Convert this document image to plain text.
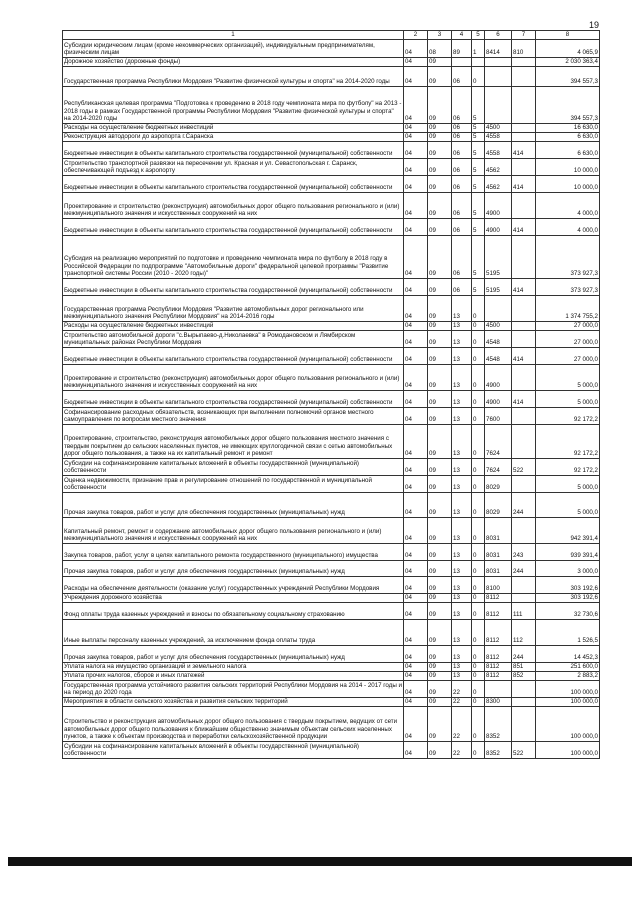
19
1	2	3	4	5	6	7	8
Субсидии юридическим лицам (кроме некоммерческих организаций), индивидуальным предпринимателям, физическим лицам	04	08	89	1	8414	810	4 065,9
Дорожное хозяйство (дорожные фонды)	04	09					2 030 363,4
Государственная программа Республики Мордовия "Развитие физической культуры и спорта" на 2014-2020 годы	04	09	06	0			394 557,3
Республиканская целевая программа "Подготовка к проведению в 2018 году чемпионата мира по футболу" на 2013 - 2018 годы в рамках Государственной программы Республики Мордовия "Развитие физической культуры и спорта" на 2014-2020 годы	04	09	06	5			394 557,3
Расходы на осуществление бюджетных инвестиций	04	09	06	5	4500		16 630,0
Реконструкция автодороги до аэропорта г.Саранска	04	09	06	5	4558		6 630,0
Бюджетные инвестиции в объекты капитального строительства государственной (муниципальной) собственности	04	09	06	5	4558	414	6 630,0
Строительство транспортной развязки на пересечении ул. Красная и ул. Севастопольская г. Саранск, обеспечивающей подъезд к аэропорту	04	09	06	5	4562		10 000,0
Бюджетные инвестиции в объекты капитального строительства государственной (муниципальной) собственности	04	09	06	5	4562	414	10 000,0
Проектирование и строительство (реконструкция) автомобильных дорог общего пользования регионального и (или) межмуниципального значения и искусственных сооружений на них	04	09	06	5	4900		4 000,0
Бюджетные инвестиции в объекты капитального строительства государственной (муниципальной) собственности	04	09	06	5	4900	414	4 000,0
Субсидия на реализацию мероприятий по подготовке и проведению чемпионата мира по футболу в 2018 году в Российской Федерации по подпрограмме "Автомобильные дороги" федеральной целевой программы "Развитие транспортной системы России (2010 - 2020 годы)"	04	09	06	5	5195		373 927,3
Бюджетные инвестиции в объекты капитального строительства государственной (муниципальной) собственности	04	09	06	5	5195	414	373 927,3
Государственная программа Республики Мордовия "Развитие автомобильных дорог регионального или межмуниципального значения Республики Мордовия" на 2014-2016 годы	04	09	13	0			1 374 755,2
Расходы на осуществление бюджетных инвестиций	04	09	13	0	4500		27 000,0
Строительство автомобильной дороги "с.Вырыпаево-д.Николаевка" в Ромодановском и Лямбирском муниципальных районах Республики Мордовия	04	09	13	0	4548		27 000,0
Бюджетные инвестиции в объекты капитального строительства государственной (муниципальной) собственности	04	09	13	0	4548	414	27 000,0
Проектирование и строительство (реконструкция) автомобильных дорог общего пользования регионального и (или) межмуниципального значения и искусственных сооружений на них	04	09	13	0	4900		5 000,0
Бюджетные инвестиции в объекты капитального строительства государственной (муниципальной) собственности	04	09	13	0	4900	414	5 000,0
Софинансирование расходных обязательств, возникающих при выполнении полномочий органов местного самоуправления по вопросам местного значения	04	09	13	0	7600		92 172,2
Проектирование, строительство, реконструкция автомобильных дорог общего пользования местного значения с твердым покрытием до сельских населенных пунктов, не имеющих круглогодичной связи с сетью автомобильных дорог общего пользования, а также на их капитальный ремонт и ремонт	04	09	13	0	7624		92 172,2
Субсидии на софинансирование капитальных вложений в объекты государственной (муниципальной) собственности	04	09	13	0	7624	522	92 172,2
Оценка недвижимости, признание прав и регулирование отношений по государственной и муниципальной собственности	04	09	13	0	8029		5 000,0
Прочая закупка товаров, работ и услуг для обеспечения государственных (муниципальных) нужд	04	09	13	0	8029	244	5 000,0
Капитальный ремонт, ремонт и содержание автомобильных дорог общего пользования регионального и (или) межмуниципального значения и искусственных сооружений на них	04	09	13	0	8031		942 391,4
Закупка товаров, работ, услуг в целях капитального ремонта государственного (муниципального) имущества	04	09	13	0	8031	243	939 391,4
Прочая закупка товаров, работ и услуг для обеспечения государственных (муниципальных) нужд	04	09	13	0	8031	244	3 000,0
Расходы на обеспечение деятельности (оказание услуг) государственных учреждений Республики Мордовия	04	09	13	0	8100		303 192,6
Учреждения дорожного хозяйства	04	09	13	0	8112		303 192,6
Фонд оплаты труда казенных учреждений и взносы по обязательному социальному страхованию	04	09	13	0	8112	111	32 730,6
Иные выплаты персоналу казенных учреждений, за исключением фонда оплаты труда	04	09	13	0	8112	112	1 526,5
Прочая закупка товаров, работ и услуг для обеспечения государственных (муниципальных) нужд	04	09	13	0	8112	244	14 452,3
Уплата налога на имущество организаций и земельного налога	04	09	13	0	8112	851	251 600,0
Уплата прочих налогов, сборов и иных платежей	04	09	13	0	8112	852	2 883,2
Государственная программа устойчивого развития сельских территорий Республики Мордовия на 2014 - 2017 годы и на период до 2020 года	04	09	22	0			100 000,0
Мероприятия в области сельского хозяйства и развития сельских территорий	04	09	22	0	8300		100 000,0
Строительство и реконструкция автомобильных дорог общего пользования с твердым покрытием, ведущих от сети автомобильных дорог общего пользования к ближайшим общественно значимым объектам сельских населенных пунктов, а также к объектам производства и переработки сельскохозяйственной продукции	04	09	22	0	8352		100 000,0
Субсидии на софинансирование капитальных вложений в объекты государственной (муниципальной) собственности	04	09	22	0	8352	522	100 000,0
